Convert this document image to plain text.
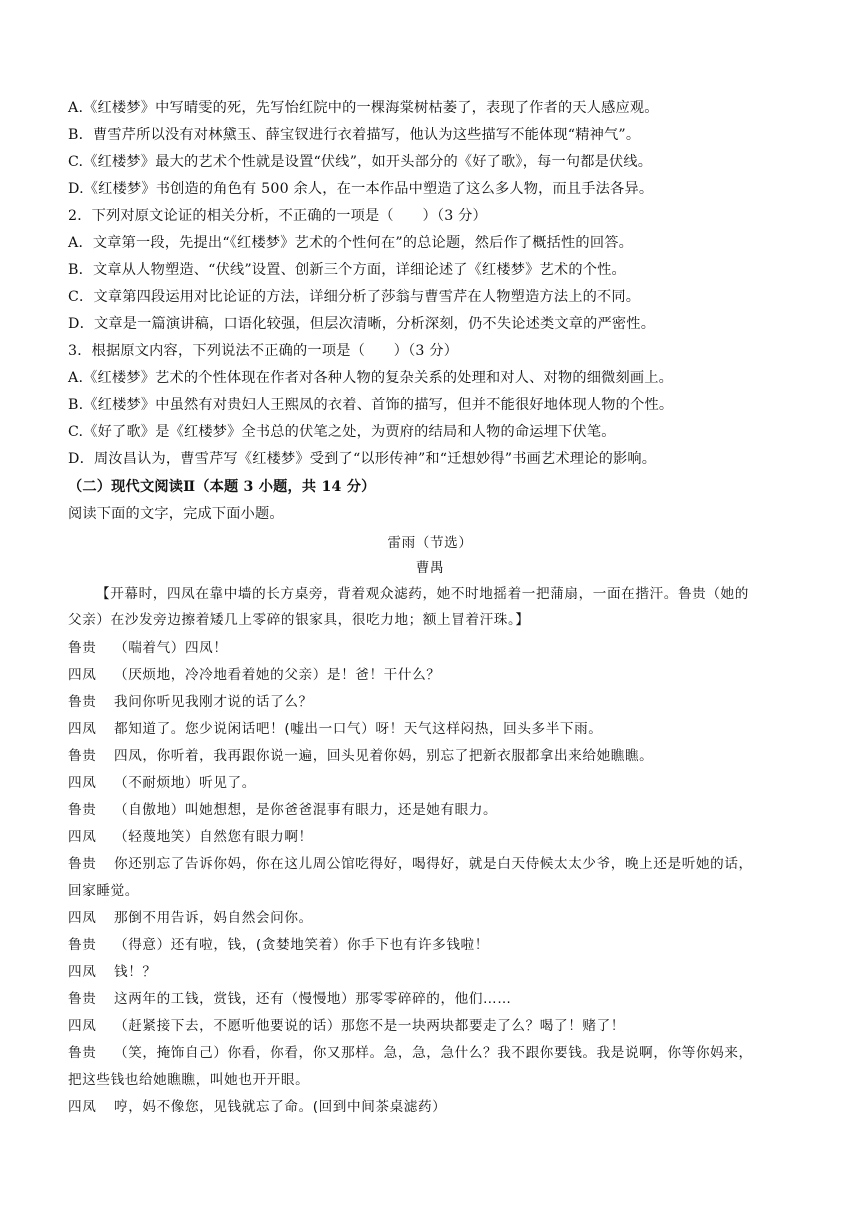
A.《红楼梦》中写晴雯的死，先写怡红院中的一棵海棠树枯萎了，表现了作者的天人感应观。
B．曹雪芹所以没有对林黛玉、薛宝钗进行衣着描写，他认为这些描写不能体现“精神气”。
C.《红楼梦》最大的艺术个性就是设置“伏线”，如开头部分的《好了歌》，每一句都是伏线。
D.《红楼梦》书创造的角色有 500 余人，在一本作品中塑造了这么多人物，而且手法各异。
2．下列对原文论证的相关分析，不正确的一项是（　　）（3 分）
A．文章第一段，先提出“《红楼梦》艺术的个性何在”的总论题，然后作了概括性的回答。
B．文章从人物塑造、“伏线”设置、创新三个方面，详细论述了《红楼梦》艺术的个性。
C．文章第四段运用对比论证的方法，详细分析了莎翁与曹雪芹在人物塑造方法上的不同。
D．文章是一篇演讲稿，口语化较强，但层次清晰，分析深刻，仍不失论述类文章的严密性。
3．根据原文内容，下列说法不正确的一项是（　　）（3 分）
A.《红楼梦》艺术的个性体现在作者对各种人物的复杂关系的处理和对人、对物的细微刻画上。
B.《红楼梦》中虽然有对贵妇人王熙凤的衣着、首饰的描写，但并不能很好地体现人物的个性。
C.《好了歌》是《红楼梦》全书总的伏笔之处，为贾府的结局和人物的命运埋下伏笔。
D．周汝昌认为，曹雪芹写《红楼梦》受到了“以形传神”和“迁想妙得”书画艺术理论的影响。
（二）现代文阅读Ⅱ（本题 3 小题，共 14 分）
阅读下面的文字，完成下面小题。
雷雨（节选）
曹禺
【开幕时，四凤在靠中墙的长方桌旁，背着观众滤药，她不时地摇着一把蒲扇，一面在揩汗。鲁贵（她的
父亲）在沙发旁边擦着矮几上零碎的银家具，很吃力地；额上冒着汗珠。】
鲁贵 （喘着气）四凤！
四凤 （厌烦地，冷冷地看着她的父亲）是！爸！干什么？
鲁贵 我问你听见我刚才说的话了么？
四凤 都知道了。您少说闲话吧！(嘘出一口气）呀！天气这样闷热，回头多半下雨。
鲁贵 四凤，你听着，我再跟你说一遍，回头见着你妈，别忘了把新衣服都拿出来给她瞧瞧。
四凤 （不耐烦地）听见了。
鲁贵 （自傲地）叫她想想，是你爸爸混事有眼力，还是她有眼力。
四凤 （轻蔑地笑）自然您有眼力啊！
鲁贵 你还别忘了告诉你妈，你在这儿周公馆吃得好，喝得好，就是白天侍候太太少爷，晚上还是听她的话，
回家睡觉。
四凤 那倒不用告诉，妈自然会问你。
鲁贵 （得意）还有啦，钱，(贪婪地笑着）你手下也有许多钱啦！
四凤 钱！？
鲁贵 这两年的工钱，赏钱，还有（慢慢地）那零零碎碎的，他们……
四凤 （赶紧接下去，不愿听他要说的话）那您不是一块两块都要走了么？喝了！赌了！
鲁贵 （笑，掩饰自己）你看，你看，你又那样。急，急，急什么？我不跟你要钱。我是说啊，你等你妈来，
把这些钱也给她瞧瞧，叫她也开开眼。
四凤 哼，妈不像您，见钱就忘了命。(回到中间茶桌滤药）
